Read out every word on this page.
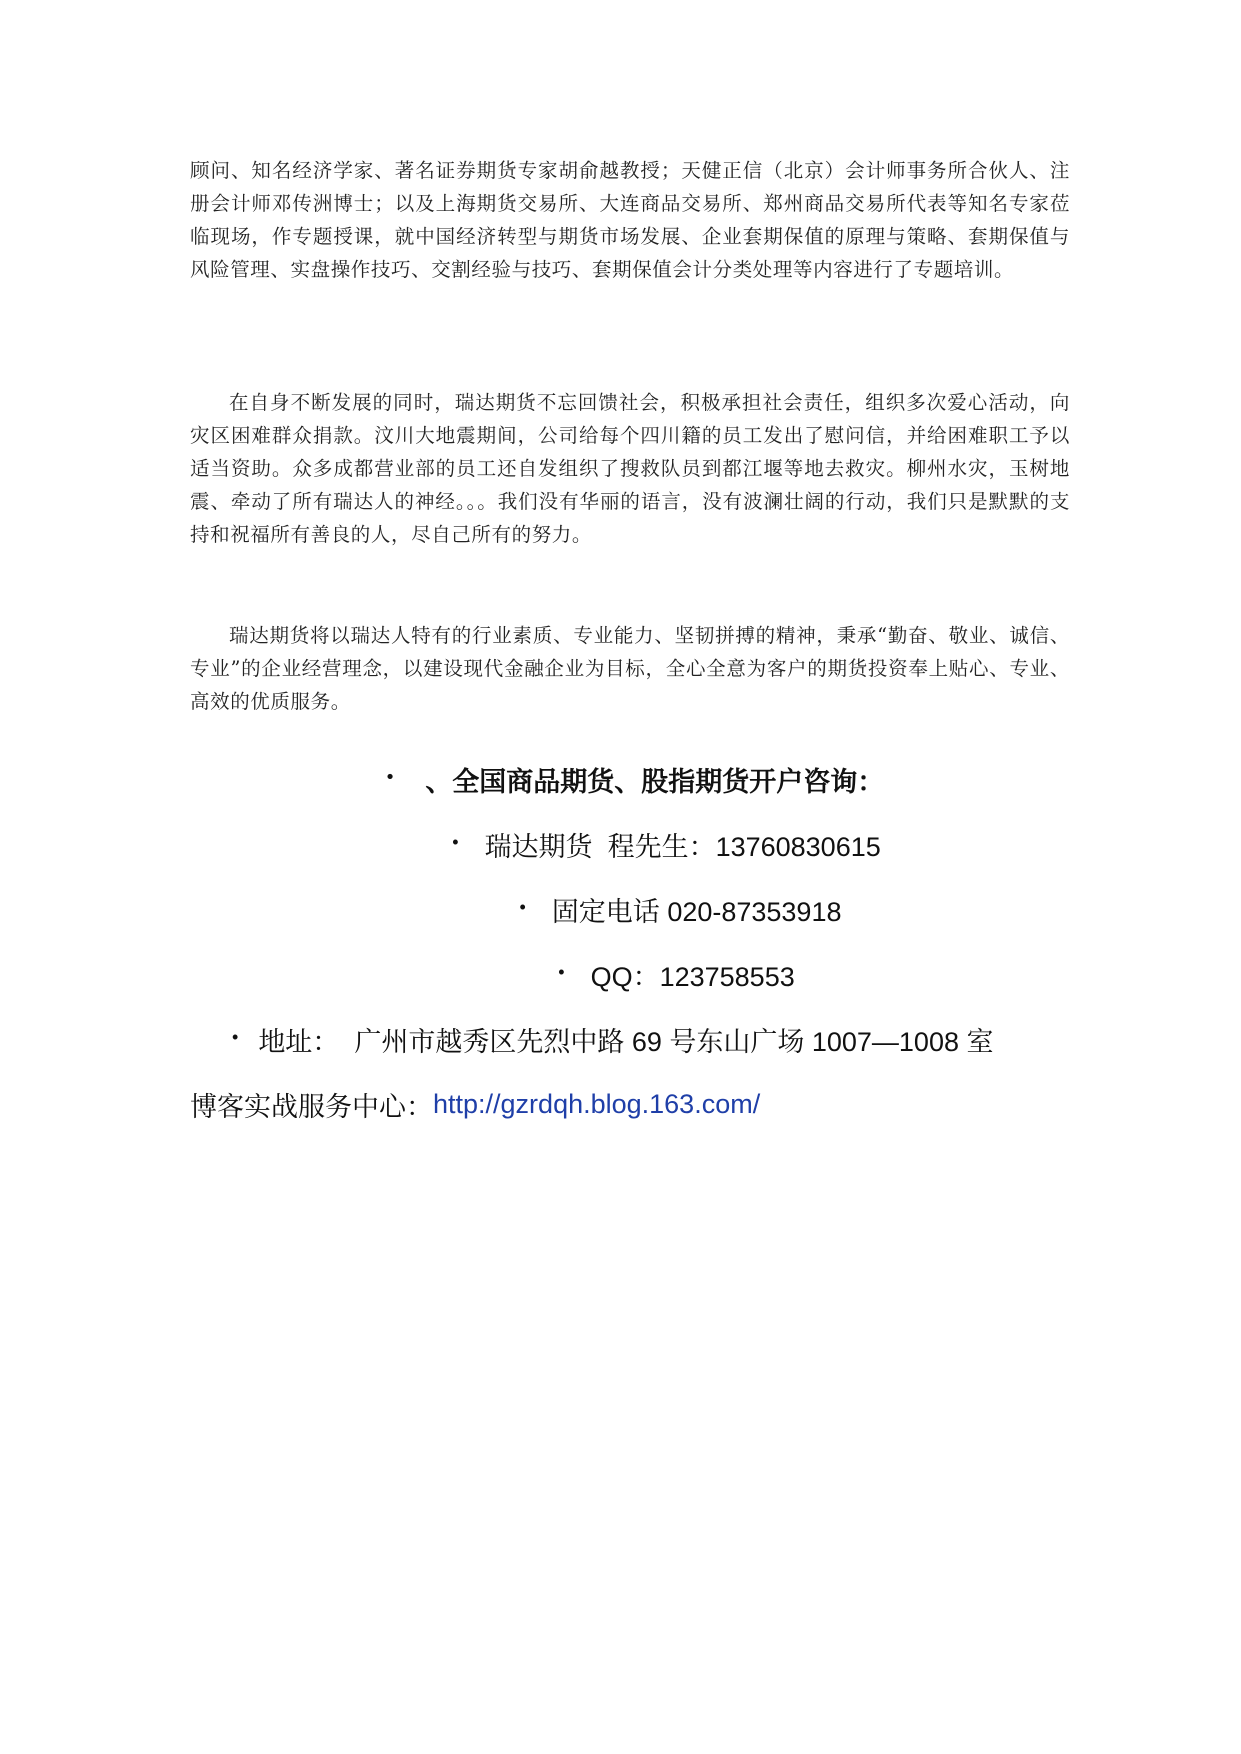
顾问、知名经济学家、著名证券期货专家胡俞越教授；天健正信（北京）会计师事务所合伙人、注册会计师邓传洲博士；以及上海期货交易所、大连商品交易所、郑州商品交易所代表等知名专家莅临现场，作专题授课，就中国经济转型与期货市场发展、企业套期保值的原理与策略、套期保值与风险管理、实盘操作技巧、交割经验与技巧、套期保值会计分类处理等内容进行了专题培训。

在自身不断发展的同时，瑞达期货不忘回馈社会，积极承担社会责任，组织多次爱心活动，向灾区困难群众捐款。汶川大地震期间，公司给每个四川籍的员工发出了慰问信，并给困难职工予以适当资助。众多成都营业部的员工还自发组织了搜救队员到都江堰等地去救灾。柳州水灾，玉树地震、牵动了所有瑞达人的神经。。。我们没有华丽的语言，没有波澜壮阔的行动，我们只是默默的支持和祝福所有善良的人，尽自己所有的努力。

瑞达期货将以瑞达人特有的行业素质、专业能力、坚韧拼搏的精神，秉承“勤奋、敬业、诚信、专业”的企业经营理念，以建设现代金融企业为目标，全心全意为客户的期货投资奉上贴心、专业、高效的优质服务。

• 、全国商品期货、股指期货开户咨询：
• 瑞达期货  程先生：13760830615
• 固定电话 020-87353918
• QQ：123758553
• 地址：  广州市越秀区先烈中路 69 号东山广场 1007—1008 室
博客实战服务中心：http://gzrdqh.blog.163.com/
